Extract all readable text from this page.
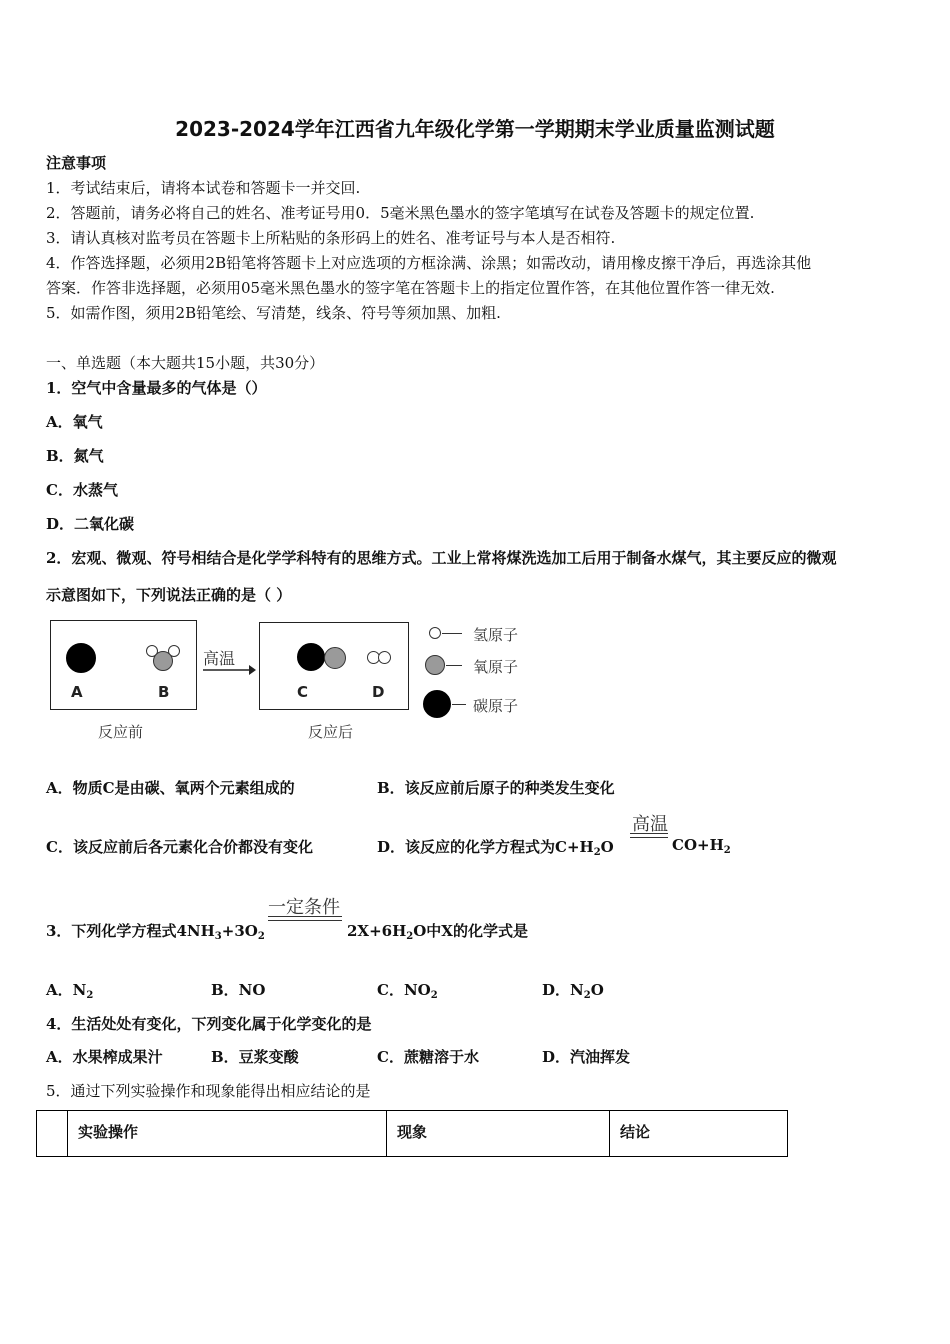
2023-2024学年江西省九年级化学第一学期期末学业质量监测试题
注意事项
1．考试结束后，请将本试卷和答题卡一并交回.
2．答题前，请务必将自己的姓名、准考证号用0．5毫米黑色墨水的签字笔填写在试卷及答题卡的规定位置.
3．请认真核对监考员在答题卡上所粘贴的条形码上的姓名、准考证号与本人是否相符.
4．作答选择题，必须用2B铅笔将答题卡上对应选项的方框涂满、涂黑；如需改动，请用橡皮擦干净后，再选涂其他
答案．作答非选择题，必须用05毫米黑色墨水的签字笔在答题卡上的指定位置作答，在其他位置作答一律无效.
5．如需作图，须用2B铅笔绘、写清楚，线条、符号等须加黑、加粗.
一、单选题（本大题共15小题，共30分）
1．空气中含量最多的气体是（）
A．氧气
B．氮气
C．水蒸气
D．二氧化碳
2．宏观、微观、符号相结合是化学学科特有的思维方式。工业上常将煤洗选加工后用于制备水煤气，其主要反应的微观
示意图如下，下列说法正确的是（ ）
A	B
反应前
高温
C	D
反应后
氢原子
氧原子
碳原子
A．物质C是由碳、氧两个元素组成的	B．该反应前后原子的种类发生变化
C．该反应前后各元素化合价都没有变化	D．该反应的化学方程式为$C+H_2O$
高温
$CO+H_2$
3．下列化学方程式$4NH_3+3O_2$
一定条件
$2X+6H_2O$中X的化学式是
A．$N_2$	B．NO	C．$NO_2$	D．$N_2O$
4．生活处处有变化，下列变化属于化学变化的是
A．水果榨成果汁	B．豆浆变酸	C．蔗糖溶于水	D．汽油挥发
5．通过下列实验操作和现象能得出相应结论的是
	实验操作	现象	结论
